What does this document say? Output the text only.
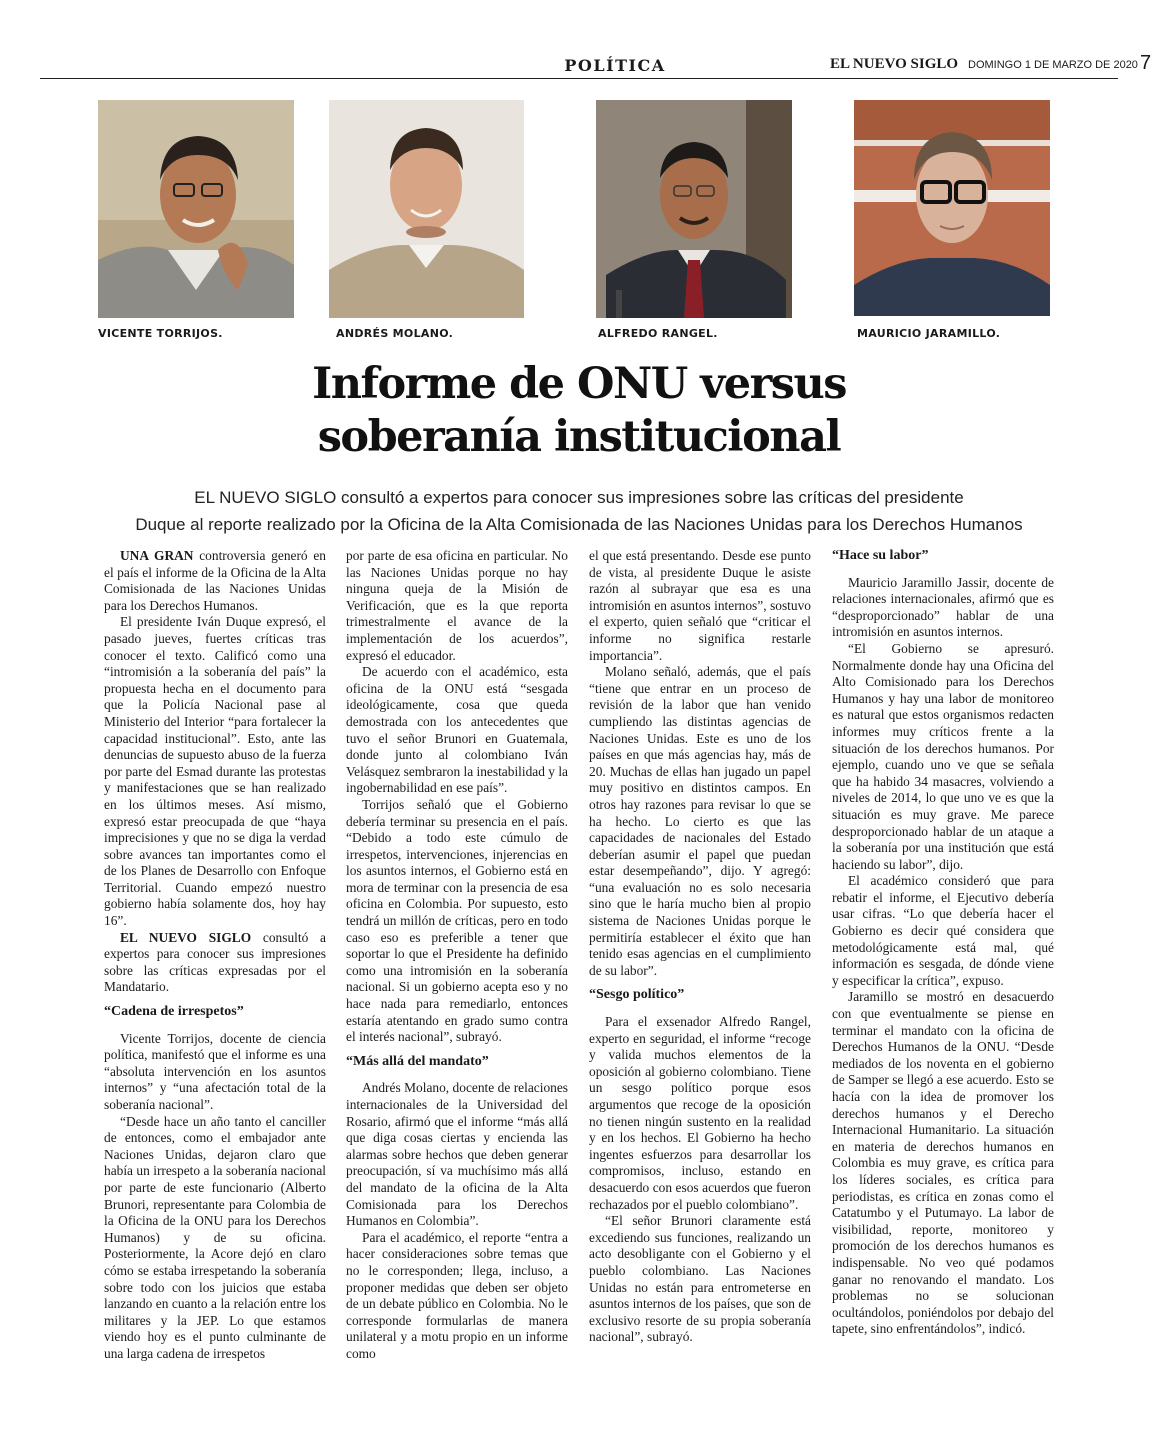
POLÍTICA	EL NUEVO SIGLO DOMINGO 1 DE MARZO DE 2020 7
VICENTE TORRIJOS.	ANDRÉS MOLANO.	ALFREDO RANGEL.	MAURICIO JARAMILLO.
Informe de ONU versus
soberanía institucional
EL NUEVO SIGLO consultó a expertos para conocer sus impresiones sobre las críticas del presidente
Duque al reporte realizado por la Oficina de la Alta Comisionada de las Naciones Unidas para los Derechos Humanos

UNA GRAN controversia generó en el país el informe de la Oficina de la Alta Comisionada de las Naciones Unidas para los Derechos Humanos.

El presidente Iván Duque expresó, el pasado jueves, fuertes críticas tras conocer el texto. Calificó como una “intromisión a la soberanía del país” la propuesta hecha en el documento para que la Policía Nacional pase al Ministerio del Interior “para fortalecer la capacidad institucional”. Esto, ante las denuncias de supuesto abuso de la fuerza por parte del Esmad durante las protestas y manifestaciones que se han realizado en los últimos meses. Así mismo, expresó estar preocupada de que “haya imprecisiones y que no se diga la verdad sobre avances tan importantes como el de los Planes de Desarrollo con Enfoque Territorial. Cuando empezó nuestro gobierno había solamente dos, hoy hay 16”.

EL NUEVO SIGLO consultó a expertos para conocer sus impresiones sobre las críticas expresadas por el Mandatario.

“Cadena de irrespetos”

Vicente Torrijos, docente de ciencia política, manifestó que el informe es una “absoluta intervención en los asuntos internos” y “una afectación total de la soberanía nacional”.

“Desde hace un año tanto el canciller de entonces, como el embajador ante Naciones Unidas, dejaron claro que había un irrespeto a la soberanía nacional por parte de este funcionario (Alberto Brunori, representante para Colombia de la Oficina de la ONU para los Derechos Humanos) y de su oficina. Posteriormente, la Acore dejó en claro cómo se estaba irrespetando la soberanía sobre todo con los juicios que estaba lanzando en cuanto a la relación entre los militares y la JEP. Lo que estamos viendo hoy es el punto culminante de una larga cadena de irrespetos

por parte de esa oficina en particular. No las Naciones Unidas porque no hay ninguna queja de la Misión de Verificación, que es la que reporta trimestralmente el avance de la implementación de los acuerdos”, expresó el educador.

De acuerdo con el académico, esta oficina de la ONU está “sesgada ideológicamente, cosa que queda demostrada con los antecedentes que tuvo el señor Brunori en Guatemala, donde junto al colombiano Iván Velásquez sembraron la inestabilidad y la ingobernabilidad en ese país”.

Torrijos señaló que el Gobierno debería terminar su presencia en el país. “Debido a todo este cúmulo de irrespetos, intervenciones, injerencias en los asuntos internos, el Gobierno está en mora de terminar con la presencia de esa oficina en Colombia. Por supuesto, esto tendrá un millón de críticas, pero en todo caso eso es preferible a tener que soportar lo que el Presidente ha definido como una intromisión en la soberanía nacional. Si un gobierno acepta eso y no hace nada para remediarlo, entonces estaría atentando en grado sumo contra el interés nacional”, subrayó.

“Más allá del mandato”

Andrés Molano, docente de relaciones internacionales de la Universidad del Rosario, afirmó que el informe “más allá que diga cosas ciertas y encienda las alarmas sobre hechos que deben generar preocupación, sí va muchísimo más allá del mandato de la oficina de la Alta Comisionada para los Derechos Humanos en Colombia”.

Para el académico, el reporte “entra a hacer consideraciones sobre temas que no le corresponden; llega, incluso, a proponer medidas que deben ser objeto de un debate público en Colombia. No le corresponde formularlas de manera unilateral y a motu propio en un informe como

el que está presentando. Desde ese punto de vista, al presidente Duque le asiste razón al subrayar que esa es una intromisión en asuntos internos”, sostuvo el experto, quien señaló que “criticar el informe no significa restarle importancia”.

Molano señaló, además, que el país “tiene que entrar en un proceso de revisión de la labor que han venido cumpliendo las distintas agencias de Naciones Unidas. Este es uno de los países en que más agencias hay, más de 20. Muchas de ellas han jugado un papel muy positivo en distintos campos. En otros hay razones para revisar lo que se ha hecho. Lo cierto es que las capacidades de nacionales del Estado deberían asumir el papel que puedan estar desempeñando”, dijo. Y agregó: “una evaluación no es solo necesaria sino que le haría mucho bien al propio sistema de Naciones Unidas porque le permitiría establecer el éxito que han tenido esas agencias en el cumplimiento de su labor”.

“Sesgo político”

Para el exsenador Alfredo Rangel, experto en seguridad, el informe “recoge y valida muchos elementos de la oposición al gobierno colombiano. Tiene un sesgo político porque esos argumentos que recoge de la oposición no tienen ningún sustento en la realidad y en los hechos. El Gobierno ha hecho ingentes esfuerzos para desarrollar los compromisos, incluso, estando en desacuerdo con esos acuerdos que fueron rechazados por el pueblo colombiano”.

“El señor Brunori claramente está excediendo sus funciones, realizando un acto desobligante con el Gobierno y el pueblo colombiano. Las Naciones Unidas no están para entrometerse en asuntos internos de los países, que son de exclusivo resorte de su propia soberanía nacional”, subrayó.

“Hace su labor”

Mauricio Jaramillo Jassir, docente de relaciones internacionales, afirmó que es “desproporcionado” hablar de una intromisión en asuntos internos.

“El Gobierno se apresuró. Normalmente donde hay una Oficina del Alto Comisionado para los Derechos Humanos y hay una labor de monitoreo es natural que estos organismos redacten informes muy críticos frente a la situación de los derechos humanos. Por ejemplo, cuando uno ve que se señala que ha habido 34 masacres, volviendo a niveles de 2014, lo que uno ve es que la situación es muy grave. Me parece desproporcionado hablar de un ataque a la soberanía por una institución que está haciendo su labor”, dijo.

El académico consideró que para rebatir el informe, el Ejecutivo debería usar cifras. “Lo que debería hacer el Gobierno es decir qué considera que metodológicamente está mal, qué información es sesgada, de dónde viene y especificar la crítica”, expuso.

Jaramillo se mostró en desacuerdo con que eventualmente se piense en terminar el mandato con la oficina de Derechos Humanos de la ONU. “Desde mediados de los noventa en el gobierno de Samper se llegó a ese acuerdo. Esto se hacía con la idea de promover los derechos humanos y el Derecho Internacional Humanitario. La situación en materia de derechos humanos en Colombia es muy grave, es crítica para los líderes sociales, es crítica para periodistas, es crítica en zonas como el Catatumbo y el Putumayo. La labor de visibilidad, reporte, monitoreo y promoción de los derechos humanos es indispensable. No veo qué podamos ganar no renovando el mandato. Los problemas no se solucionan ocultándolos, poniéndolos por debajo del tapete, sino enfrentándolos”, indicó.
